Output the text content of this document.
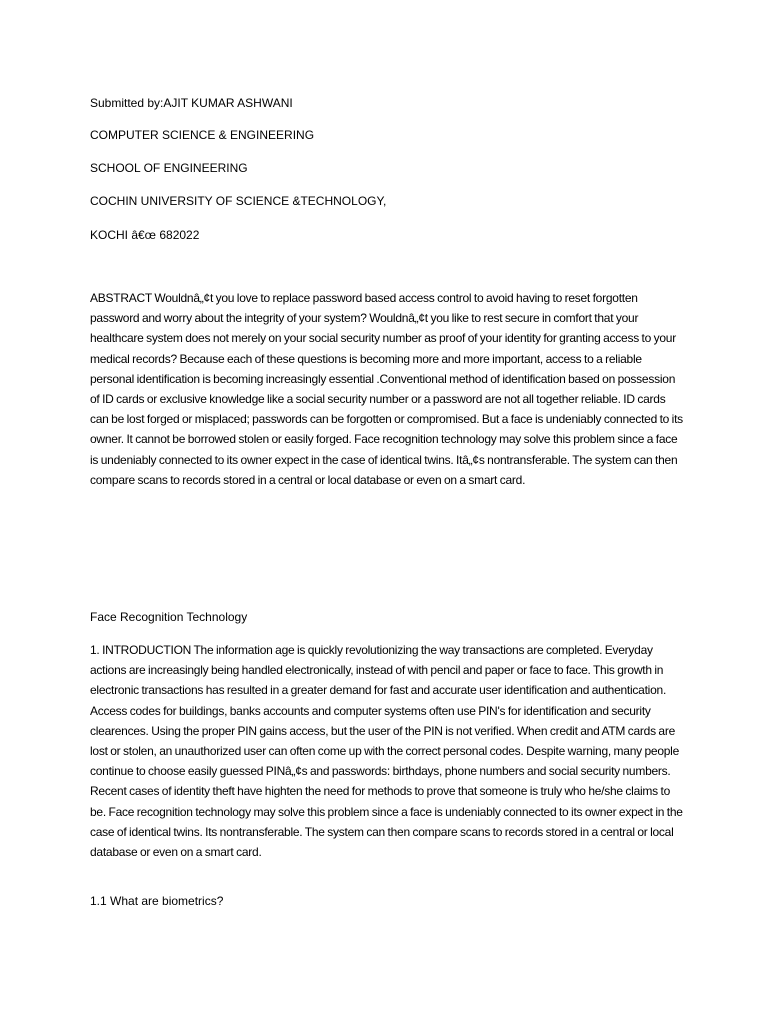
Submitted by:AJIT KUMAR ASHWANI
COMPUTER SCIENCE & ENGINEERING
SCHOOL OF ENGINEERING
COCHIN UNIVERSITY OF SCIENCE &TECHNOLOGY,
KOCHI â€œ 682022

ABSTRACT Wouldnâ„¢t you love to replace password based access control to avoid having to reset forgotten password and worry about the integrity of your system? Wouldnâ„¢t you like to rest secure in comfort that your healthcare system does not merely on your social security number as proof of your identity for granting access to your medical records? Because each of these questions is becoming more and more important, access to a reliable personal identification is becoming increasingly essential .Conventional method of identification based on possession of ID cards or exclusive knowledge like a social security number or a password are not all together reliable. ID cards can be lost forged or misplaced; passwords can be forgotten or compromised. But a face is undeniably connected to its owner. It cannot be borrowed stolen or easily forged. Face recognition technology may solve this problem since a face is undeniably connected to its owner expect in the case of identical twins. Itâ„¢s nontransferable. The system can then compare scans to records stored in a central or local database or even on a smart card.

Face Recognition Technology

1. INTRODUCTION The information age is quickly revolutionizing the way transactions are completed. Everyday actions are increasingly being handled electronically, instead of with pencil and paper or face to face. This growth in electronic transactions has resulted in a greater demand for fast and accurate user identification and authentication. Access codes for buildings, banks accounts and computer systems often use PIN's for identification and security clearences. Using the proper PIN gains access, but the user of the PIN is not verified. When credit and ATM cards are lost or stolen, an unauthorized user can often come up with the correct personal codes. Despite warning, many people continue to choose easily guessed PINâ„¢s and passwords: birthdays, phone numbers and social security numbers. Recent cases of identity theft have highten the need for methods to prove that someone is truly who he/she claims to be. Face recognition technology may solve this problem since a face is undeniably connected to its owner expect in the case of identical twins. Its nontransferable. The system can then compare scans to records stored in a central or local database or even on a smart card.

1.1 What are biometrics?
